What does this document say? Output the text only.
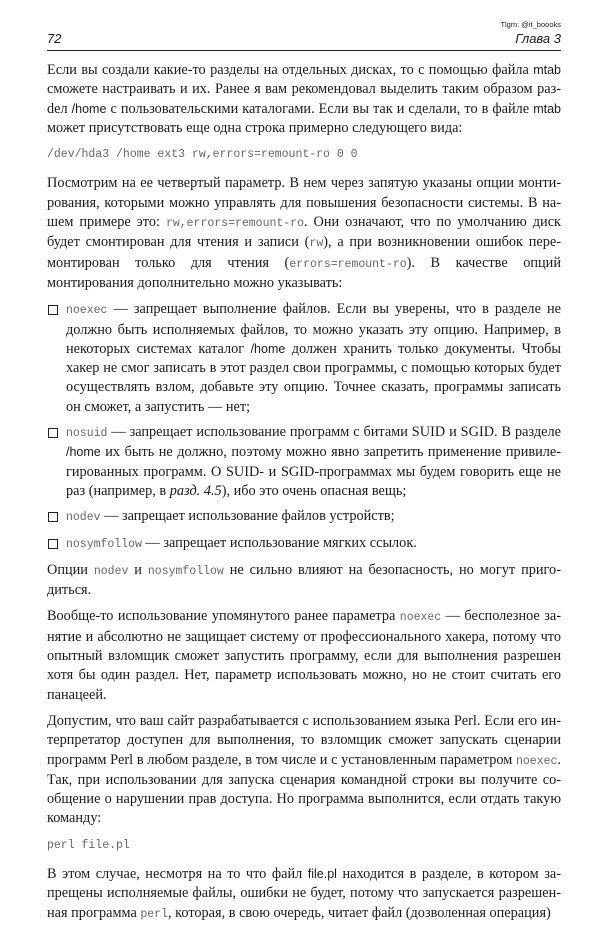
Tlgm: @it_boooks
72	Глава 3

Если вы создали какие-то разделы на отдельных дисках, то с помощью файла mtab сможете настраивать и их. Ранее я вам рекомендовал выделить таким образом разdел /home с пользовательскими каталогами. Если вы так и сделали, то в файле mtab может присутствовать еще одна строка примерно следующего вида:

/dev/hda3 /home ext3 rw,errors=remount-ro 0 0

Посмотрим на ее четвертый параметр. В нем через запятую указаны опции монтирования, которыми можно управлять для повышения безопасности системы. В нашем примере это: rw,errors=remount-ro. Они означают, что по умолчанию диск будет смонтирован для чтения и записи (rw), а при возникновении ошибок перемонтирован только для чтения (errors=remount-ro). В качестве опций монтирования дополнительно можно указывать:

noexec — запрещает выполнение файлов. Если вы уверены, что в разделе не должно быть исполняемых файлов, то можно указать эту опцию. Например, в некоторых системах каталог /home должен хранить только документы. Чтобы хакер не смог записать в этот раздел свои программы, с помощью которых будет осуществлять взлом, добавьте эту опцию. Точнее сказать, программы записать он сможет, а запустить — нет;
nosuid — запрещает использование программ с битами SUID и SGID. В разделе /home их быть не должно, поэтому можно явно запретить применение привилегированных программ. О SUID- и SGID-программах мы будем говорить еще не раз (например, в разд. 4.5), ибо это очень опасная вещь;
nodev — запрещает использование файлов устройств;
nosymfollow — запрещает использование мягких ссылок.

Опции nodev и nosymfollow не сильно влияют на безопасность, но могут пригодиться.

Вообще-то использование упомянутого ранее параметра noexec — бесполезное занятие и абсолютно не защищает систему от профессионального хакера, потому что опытный взломщик сможет запустить программу, если для выполнения разрешен хотя бы один раздел. Нет, параметр использовать можно, но не стоит считать его панацеей.

Допустим, что ваш сайт разрабатывается с использованием языка Perl. Если его интерпретатор доступен для выполнения, то взломщик сможет запускать сценарии программ Perl в любом разделе, в том числе и с установленным параметром noexec. Так, при использовании для запуска сценария командной строки вы получите сообщение о нарушении прав доступа. Но программа выполнится, если отдать такую команду:

perl file.pl

В этом случае, несмотря на то что файл file.pl находится в разделе, в котором запрещены исполняемые файлы, ошибки не будет, потому что запускается разрешенная программа perl, которая, в свою очередь, читает файл (дозволенная операция)
